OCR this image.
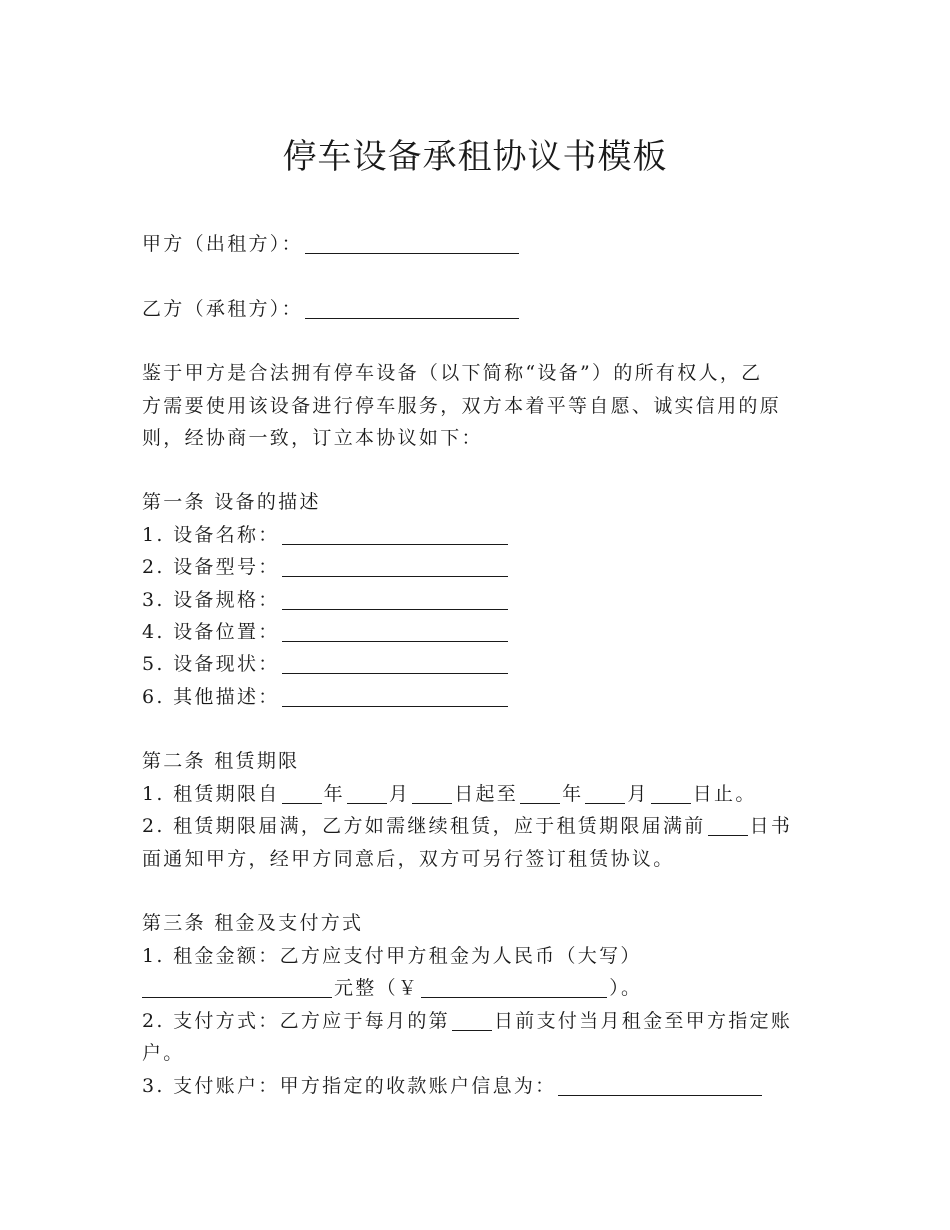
停车设备承租协议书模板
甲方（出租方）：
乙方（承租方）：
鉴于甲方是合法拥有停车设备（以下简称“设备”）的所有权人，乙
方需要使用该设备进行停车服务，双方本着平等自愿、诚实信用的原
则，经协商一致，订立本协议如下：
第一条 设备的描述
1. 设备名称：
2. 设备型号：
3. 设备规格：
4. 设备位置：
5. 设备现状：
6. 其他描述：
第二条 租赁期限
1. 租赁期限自 年 月 日起至 年 月 日止。
2. 租赁期限届满，乙方如需继续租赁，应于租赁期限届满前 日书
面通知甲方，经甲方同意后，双方可另行签订租赁协议。
第三条 租金及支付方式
1. 租金金额：乙方应支付甲方租金为人民币（大写）
元整（￥	）。
2. 支付方式：乙方应于每月的第 日前支付当月租金至甲方指定账
户。
3. 支付账户：甲方指定的收款账户信息为：
